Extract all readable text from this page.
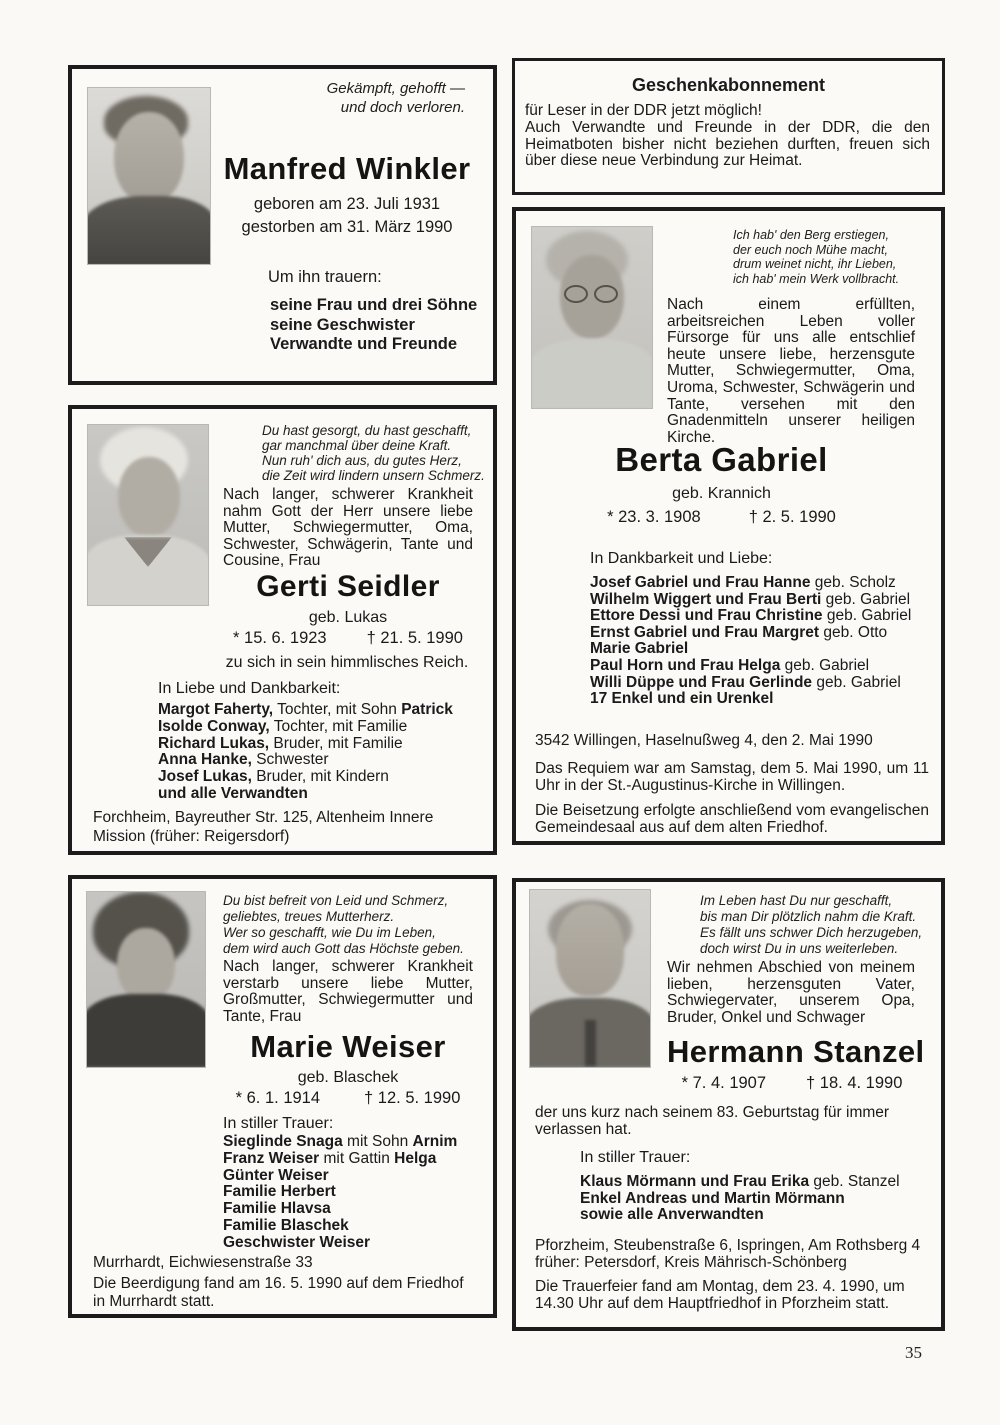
Gekämpft, gehofft —
und doch verloren.
Manfred Winkler
geboren am 23. Juli 1931
gestorben am 31. März 1990
Um ihn trauern:
seine Frau und drei Söhne
seine Geschwister
Verwandte und Freunde
Geschenkabonnement
für Leser in der DDR jetzt möglich!
Auch Verwandte und Freunde in der DDR, die den Heimatboten bisher nicht beziehen durften, freuen sich über diese neue Verbindung zur Heimat.
Ich hab' den Berg erstiegen,
der euch noch Mühe macht,
drum weinet nicht, ihr Lieben,
ich hab' mein Werk vollbracht.
Nach einem erfüllten, arbeitsreichen Leben voller Fürsorge für uns alle entschlief heute unsere liebe, herzensgute Mutter, Schwiegermutter, Oma, Uroma, Schwester, Schwägerin und Tante, versehen mit den Gnadenmitteln unserer heiligen Kirche.
Berta Gabriel
geb. Krannich
* 23. 3. 1908	† 2. 5. 1990
In Dankbarkeit und Liebe:
Josef Gabriel und Frau Hanne geb. Scholz
Wilhelm Wiggert und Frau Berti geb. Gabriel
Ettore Dessi und Frau Christine geb. Gabriel
Ernst Gabriel und Frau Margret geb. Otto
Marie Gabriel
Paul Horn und Frau Helga geb. Gabriel
Willi Düppe und Frau Gerlinde geb. Gabriel
17 Enkel und ein Urenkel
3542 Willingen, Haselnußweg 4, den 2. Mai 1990
Das Requiem war am Samstag, dem 5. Mai 1990, um 11 Uhr in der St.-Augustinus-Kirche in Willingen.
Die Beisetzung erfolgte anschließend vom evangelischen Gemeindesaal aus auf dem alten Friedhof.
Du hast gesorgt, du hast geschafft,
gar manchmal über deine Kraft.
Nun ruh' dich aus, du gutes Herz,
die Zeit wird lindern unsern Schmerz.
Nach langer, schwerer Krankheit nahm Gott der Herr unsere liebe Mutter, Schwiegermutter, Oma, Schwester, Schwägerin, Tante und Cousine, Frau
Gerti Seidler
geb. Lukas
* 15. 6. 1923 † 21. 5. 1990
zu sich in sein himmlisches Reich.
In Liebe und Dankbarkeit:
Margot Faherty, Tochter, mit Sohn Patrick
Isolde Conway, Tochter, mit Familie
Richard Lukas, Bruder, mit Familie
Anna Hanke, Schwester
Josef Lukas, Bruder, mit Kindern
und alle Verwandten
Forchheim, Bayreuther Str. 125, Altenheim Innere Mission (früher: Reigersdorf)
Du bist befreit von Leid und Schmerz,
geliebtes, treues Mutterherz.
Wer so geschafft, wie Du im Leben,
dem wird auch Gott das Höchste geben.
Nach langer, schwerer Krankheit verstarb unsere liebe Mutter, Großmutter, Schwiegermutter und Tante, Frau
Marie Weiser
geb. Blaschek
* 6. 1. 1914	† 12. 5. 1990
In stiller Trauer:
Sieglinde Snaga mit Sohn Arnim
Franz Weiser mit Gattin Helga
Günter Weiser
Familie Herbert
Familie Hlavsa
Familie Blaschek
Geschwister Weiser
Murrhardt, Eichwiesenstraße 33
Die Beerdigung fand am 16. 5. 1990 auf dem Friedhof in Murrhardt statt.
Im Leben hast Du nur geschafft,
bis man Dir plötzlich nahm die Kraft.
Es fällt uns schwer Dich herzugeben,
doch wirst Du in uns weiterleben.
Wir nehmen Abschied von meinem lieben, herzensguten Vater, Schwiegervater, unserem Opa, Bruder, Onkel und Schwager
Hermann Stanzel
* 7. 4. 1907 † 18. 4. 1990
der uns kurz nach seinem 83. Geburtstag für immer verlassen hat.
In stiller Trauer:
Klaus Mörmann und Frau Erika geb. Stanzel
Enkel Andreas und Martin Mörmann
sowie alle Anverwandten
Pforzheim, Steubenstraße 6, Ispringen, Am Rothsberg 4
früher: Petersdorf, Kreis Mährisch-Schönberg
Die Trauerfeier fand am Montag, dem 23. 4. 1990, um 14.30 Uhr auf dem Hauptfriedhof in Pforzheim statt.
35
